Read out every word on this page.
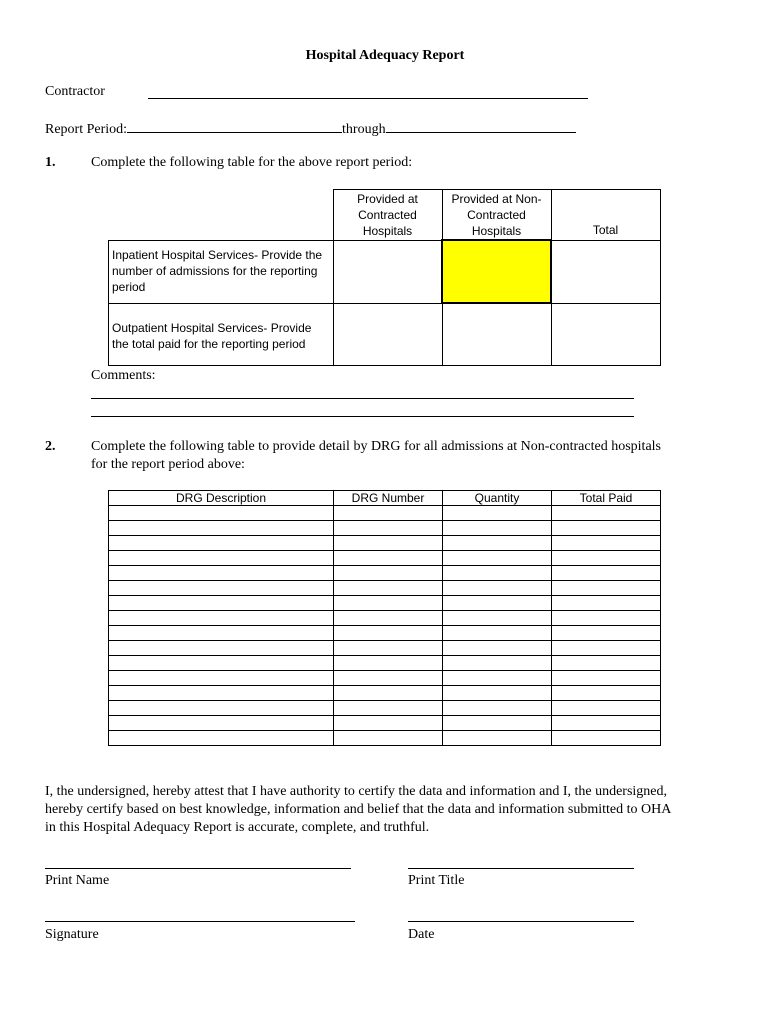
Hospital Adequacy Report
Contractor
Report Period:	through
1.	Complete the following table for the above report period:
	Provided at Contracted Hospitals	Provided at Non-Contracted Hospitals	Total
Inpatient Hospital Services- Provide the number of admissions for the reporting period			
Outpatient Hospital Services- Provide the total paid for the reporting period			
Comments:
2.	Complete the following table to provide detail by DRG for all admissions at Non-contracted hospitals
for the report period above:
DRG Description	DRG Number	Quantity	Total Paid

I, the undersigned, hereby attest that I have authority to certify the data and information and I, the undersigned,
hereby certify based on best knowledge, information and belief that the data and information submitted to OHA
in this Hospital Adequacy Report is accurate, complete, and truthful.
Print Name	Print Title
Signature	Date
